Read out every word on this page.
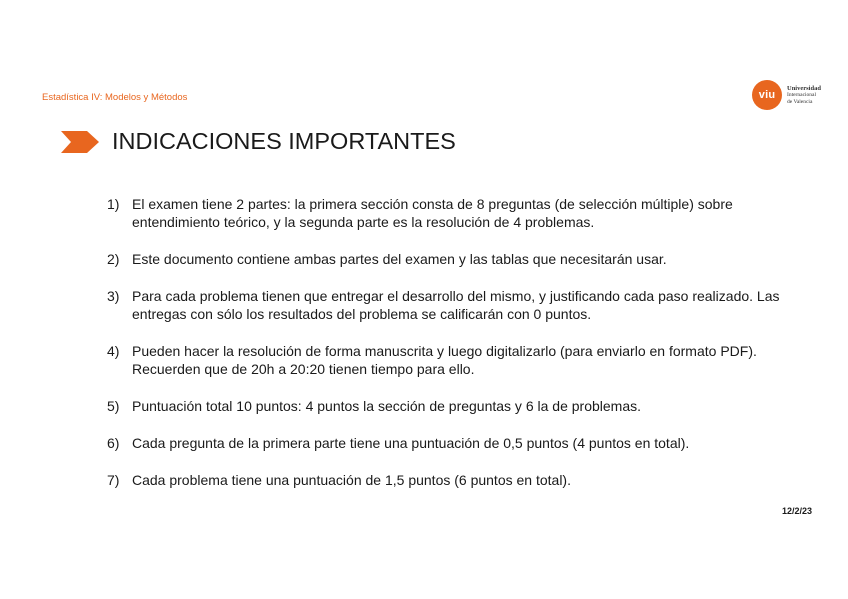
Estadística IV: Modelos y Métodos	viu
Universidad
Internacional
de Valencia
INDICACIONES IMPORTANTES
1) El examen tiene 2 partes: la primera sección consta de 8 preguntas (de selección múltiple) sobre entendimiento teórico, y la segunda parte es la resolución de 4 problemas.
2) Este documento contiene ambas partes del examen y las tablas que necesitarán usar.
3) Para cada problema tienen que entregar el desarrollo del mismo, y justificando cada paso realizado. Las entregas con sólo los resultados del problema se calificarán con 0 puntos.
4) Pueden hacer la resolución de forma manuscrita y luego digitalizarlo (para enviarlo en formato PDF). Recuerden que de 20h a 20:20 tienen tiempo para ello.
5) Puntuación total 10 puntos: 4 puntos la sección de preguntas y 6 la de problemas.
6) Cada pregunta de la primera parte tiene una puntuación de 0,5 puntos (4 puntos en total).
7) Cada problema tiene una puntuación de 1,5 puntos (6 puntos en total).
12/2/23
